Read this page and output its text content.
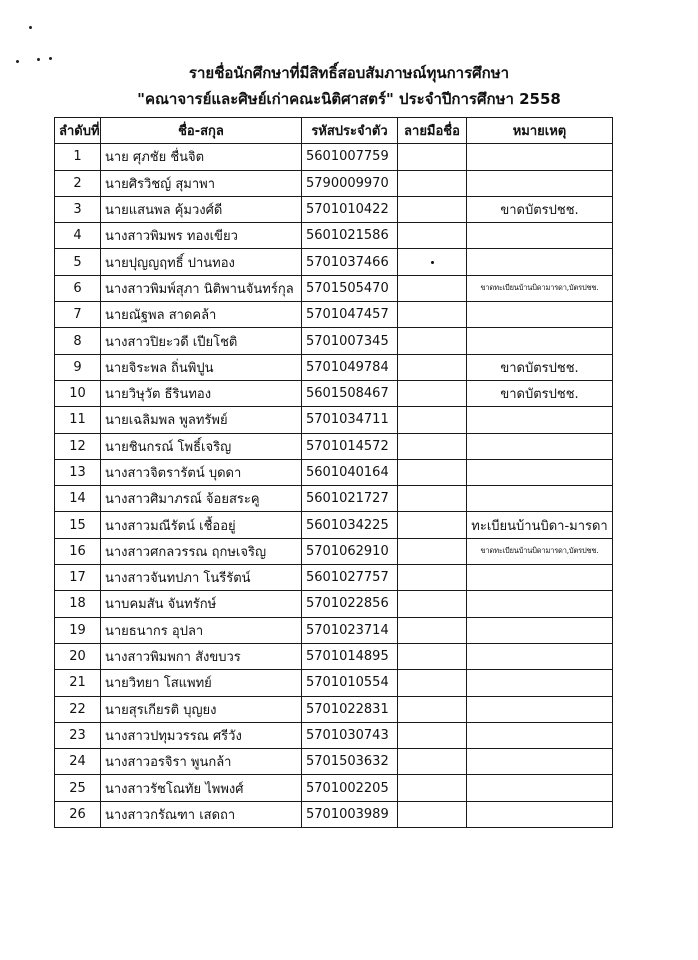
รายชื่อนักศึกษาที่มีสิทธิ์สอบสัมภาษณ์ทุนการศึกษา
"คณาจารย์และศิษย์เก่าคณะนิติศาสตร์" ประจำปีการศึกษา 2558
ลำดับที่	ชื่อ-สกุล	รหัสประจำตัว	ลายมือชื่อ	หมายเหตุ
1	นาย ศุภชัย ชื่นจิต	5601007759		
2	นายศิรวิชญ์ สุมาพา	5790009970		
3	นายแสนพล คุ้มวงศ์ดี	5701010422		ขาดบัตรปชช.
4	นางสาวพิมพร ทองเขียว	5601021586		
5	นายปุญญฤทธิ์ ปานทอง	5701037466		
6	นางสาวพิมพ์สุภา นิติพานจันทร์กุล	5701505470		ขาดทะเบียนบ้านบิดามารดา,บัตรปชช.
7	นายณัฐพล สาดคล้า	5701047457		
8	นางสาวปิยะวดี เปียโชติ	5701007345		
9	นายจิระพล ถิ่นพิปูน	5701049784		ขาดบัตรปชช.
10	นายวิษุวัต ธีรินทอง	5601508467		ขาดบัตรปชช.
11	นายเฉลิมพล พูลทรัพย์	5701034711		
12	นายชินกรณ์ โพธิ์เจริญ	5701014572		
13	นางสาวจิตรารัตน์ บุดดา	5601040164		
14	นางสาวศิมาภรณ์ จ้อยสระคู	5601021727		
15	นางสาวมณีรัตน์ เชื้ออยู่	5601034225		ทะเบียนบ้านบิดา-มารดา
16	นางสาวศกลวรรณ ฤกษเจริญ	5701062910		ขาดทะเบียนบ้านบิดามารดา,บัตรปชช.
17	นางสาวจันทปภา โนรีรัตน์	5601027757		
18	นาบคมสัน จันทรักษ์	5701022856		
19	นายธนากร อุปลา	5701023714		
20	นางสาวพิมพกา สังขบวร	5701014895		
21	นายวิทยา โสแพทย์	5701010554		
22	นายสุรเกียรติ บุญยง	5701022831		
23	นางสาวปทุมวรรณ ศรีวัง	5701030743		
24	นางสาวอรจิรา พูนกล้า	5701503632		
25	นางสาวรัชโณทัย ไพพงศ์	5701002205		
26	นางสาวกรัณฑา เสดถา	5701003989		
